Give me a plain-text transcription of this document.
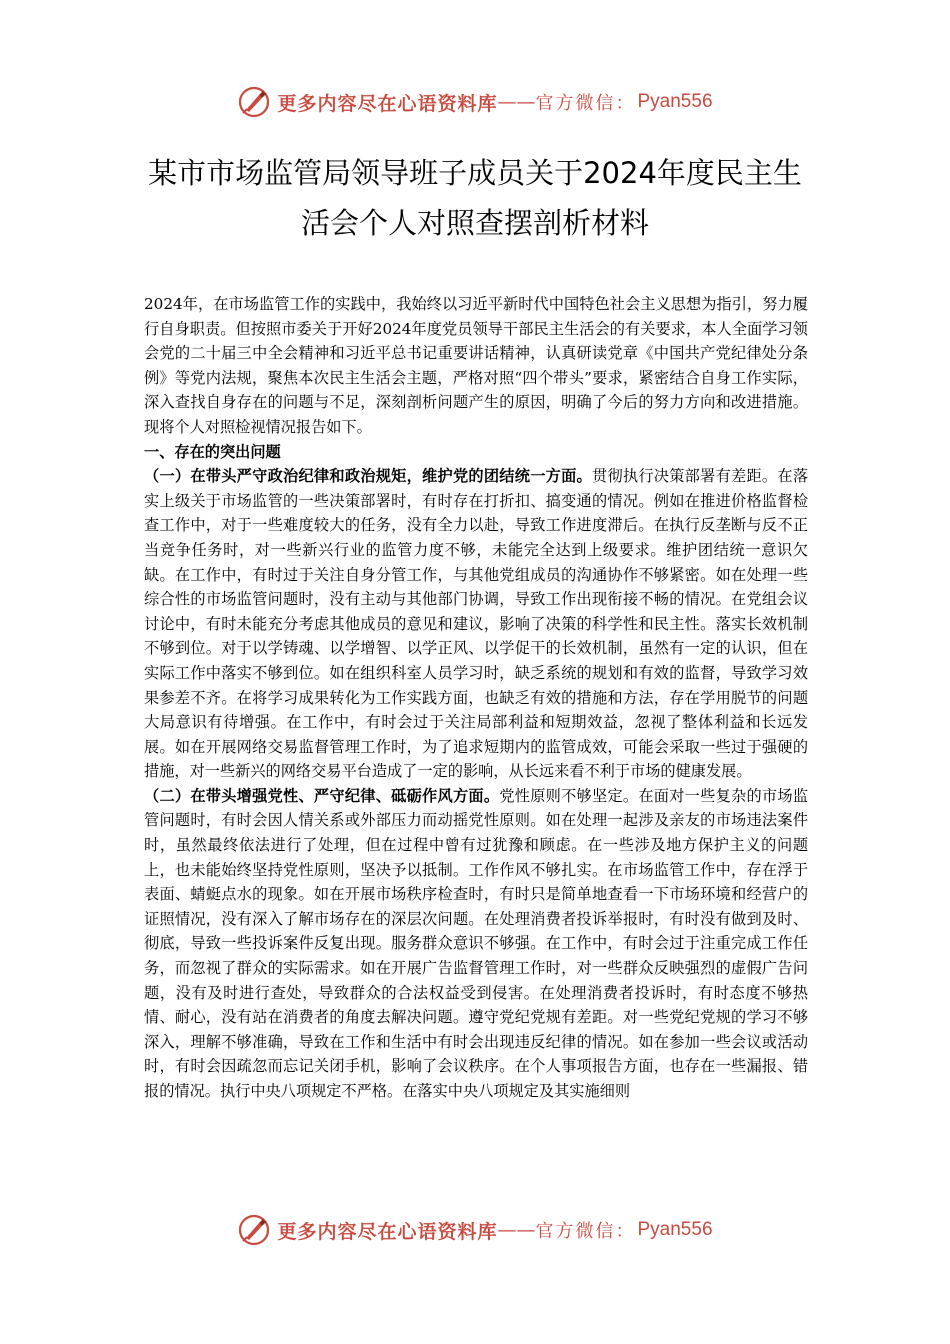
更多内容尽在心语资料库 —— 官方微信： Pyan556
某市市场监管局领导班子成员关于2024年度民主生
活会个人对照查摆剖析材料

2024年，在市场监管工作的实践中，我始终以习近平新时代中国特色社会主义思想为指引，努力履行自身职责。但按照市委关于开好2024年度党员领导干部民主生活会的有关要求，本人全面学习领会党的二十届三中全会精神和习近平总书记重要讲话精神，认真研读党章《中国共产党纪律处分条例》等党内法规，聚焦本次民主生活会主题，严格对照“四个带头”要求，紧密结合自身工作实际，深入查找自身存在的问题与不足，深刻剖析问题产生的原因，明确了今后的努力方向和改进措施。现将个人对照检视情况报告如下。

一、存在的突出问题

（一）在带头严守政治纪律和政治规矩，维护党的团结统一方面。贯彻执行决策部署有差距。在落实上级关于市场监管的一些决策部署时，有时存在打折扣、搞变通的情况。例如在推进价格监督检查工作中，对于一些难度较大的任务，没有全力以赴，导致工作进度滞后。在执行反垄断与反不正当竞争任务时，对一些新兴行业的监管力度不够，未能完全达到上级要求。维护团结统一意识欠缺。在工作中，有时过于关注自身分管工作，与其他党组成员的沟通协作不够紧密。如在处理一些综合性的市场监管问题时，没有主动与其他部门协调，导致工作出现衔接不畅的情况。在党组会议讨论中，有时未能充分考虑其他成员的意见和建议，影响了决策的科学性和民主性。落实长效机制不够到位。对于以学铸魂、以学增智、以学正风、以学促干的长效机制，虽然有一定的认识，但在实际工作中落实不够到位。如在组织科室人员学习时，缺乏系统的规划和有效的监督，导致学习效果参差不齐。在将学习成果转化为工作实践方面，也缺乏有效的措施和方法，存在学用脱节的问题大局意识有待增强。在工作中，有时会过于关注局部利益和短期效益，忽视了整体利益和长远发展。如在开展网络交易监督管理工作时，为了追求短期内的监管成效，可能会采取一些过于强硬的措施，对一些新兴的网络交易平台造成了一定的影响，从长远来看不利于市场的健康发展。

（二）在带头增强党性、严守纪律、砥砺作风方面。党性原则不够坚定。在面对一些复杂的市场监管问题时，有时会因人情关系或外部压力而动摇党性原则。如在处理一起涉及亲友的市场违法案件时，虽然最终依法进行了处理，但在过程中曾有过犹豫和顾虑。在一些涉及地方保护主义的问题上，也未能始终坚持党性原则，坚决予以抵制。工作作风不够扎实。在市场监管工作中，存在浮于表面、蜻蜓点水的现象。如在开展市场秩序检查时，有时只是简单地查看一下市场环境和经营户的证照情况，没有深入了解市场存在的深层次问题。在处理消费者投诉举报时，有时没有做到及时、彻底，导致一些投诉案件反复出现。服务群众意识不够强。在工作中，有时会过于注重完成工作任务，而忽视了群众的实际需求。如在开展广告监督管理工作时，对一些群众反映强烈的虚假广告问题，没有及时进行查处，导致群众的合法权益受到侵害。在处理消费者投诉时，有时态度不够热情、耐心，没有站在消费者的角度去解决问题。遵守党纪党规有差距。对一些党纪党规的学习不够深入，理解不够准确，导致在工作和生活中有时会出现违反纪律的情况。如在参加一些会议或活动时，有时会因疏忽而忘记关闭手机，影响了会议秩序。在个人事项报告方面，也存在一些漏报、错报的情况。执行中央八项规定不严格。在落实中央八项规定及其实施细则

更多内容尽在心语资料库 —— 官方微信： Pyan556
